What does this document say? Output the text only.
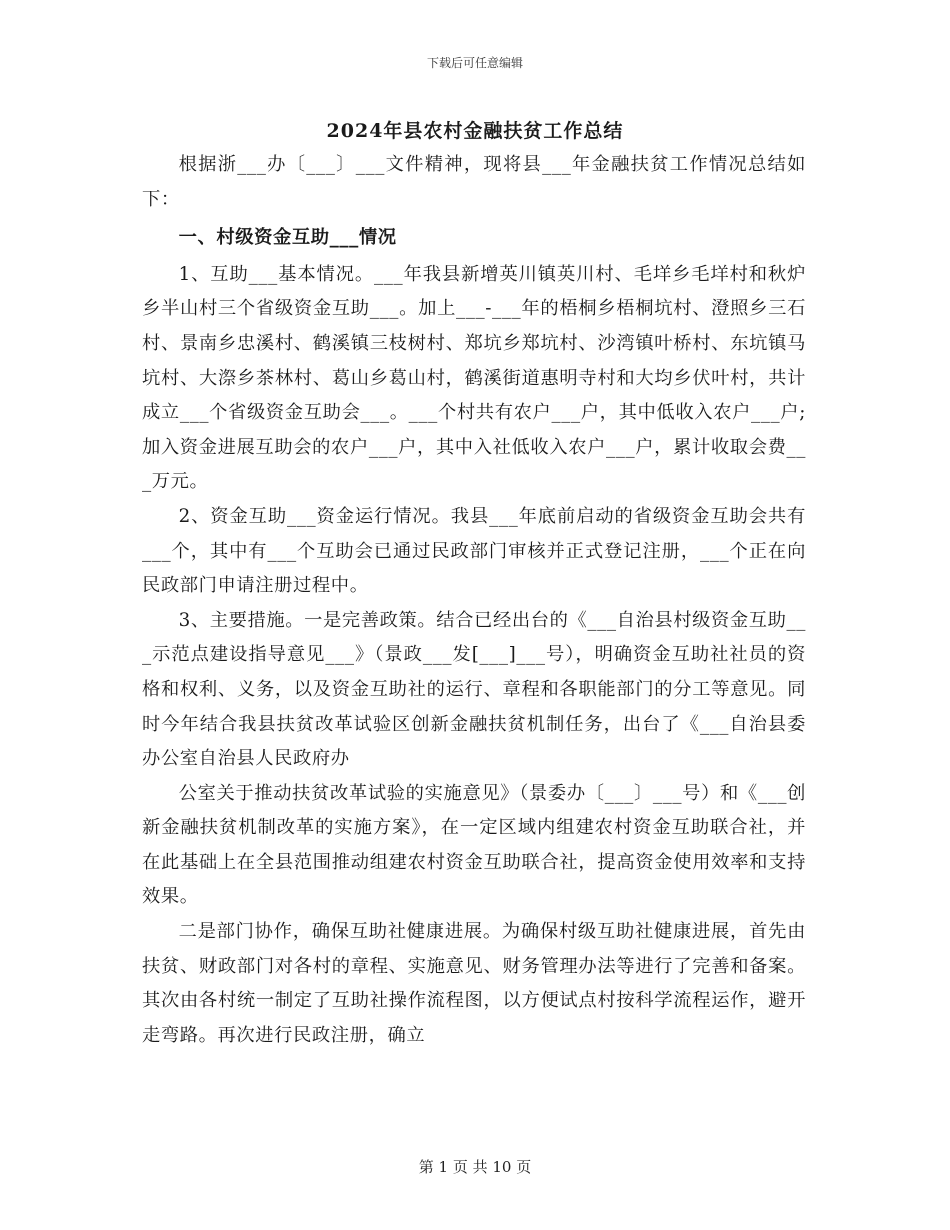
下载后可任意编辑
2024年县农村金融扶贫工作总结

根据浙___办〔___〕___文件精神，现将县___年金融扶贫工作情况总结如下：

一、村级资金互助___情况

1、互助___基本情况。___年我县新增英川镇英川村、毛垟乡毛垟村和秋炉乡半山村三个省级资金互助___。加上___-___年的梧桐乡梧桐坑村、澄照乡三石村、景南乡忠溪村、鹤溪镇三枝树村、郑坑乡郑坑村、沙湾镇叶桥村、东坑镇马坑村、大漈乡茶林村、葛山乡葛山村，鹤溪街道惠明寺村和大均乡伏叶村，共计成立___个省级资金互助会___。___个村共有农户___户，其中低收入农户___户;加入资金进展互助会的农户___户，其中入社低收入农户___户，累计收取会费___万元。

2、资金互助___资金运行情况。我县___年底前启动的省级资金互助会共有___个，其中有___个互助会已通过民政部门审核并正式登记注册，___个正在向民政部门申请注册过程中。

3、主要措施。一是完善政策。结合已经出台的《___自治县村级资金互助___示范点建设指导意见___》（景政___发[___]___号），明确资金互助社社员的资格和权利、义务，以及资金互助社的运行、章程和各职能部门的分工等意见。同时今年结合我县扶贫改革试验区创新金融扶贫机制任务，出台了《___自治县委办公室自治县人民政府办

公室关于推动扶贫改革试验的实施意见》（景委办〔___〕___号）和《___创新金融扶贫机制改革的实施方案》，在一定区域内组建农村资金互助联合社，并在此基础上在全县范围推动组建农村资金互助联合社，提高资金使用效率和支持效果。

二是部门协作，确保互助社健康进展。为确保村级互助社健康进展，首先由扶贫、财政部门对各村的章程、实施意见、财务管理办法等进行了完善和备案。其次由各村统一制定了互助社操作流程图，以方便试点村按科学流程运作，避开走弯路。再次进行民政注册，确立

第 1 页 共 10 页
